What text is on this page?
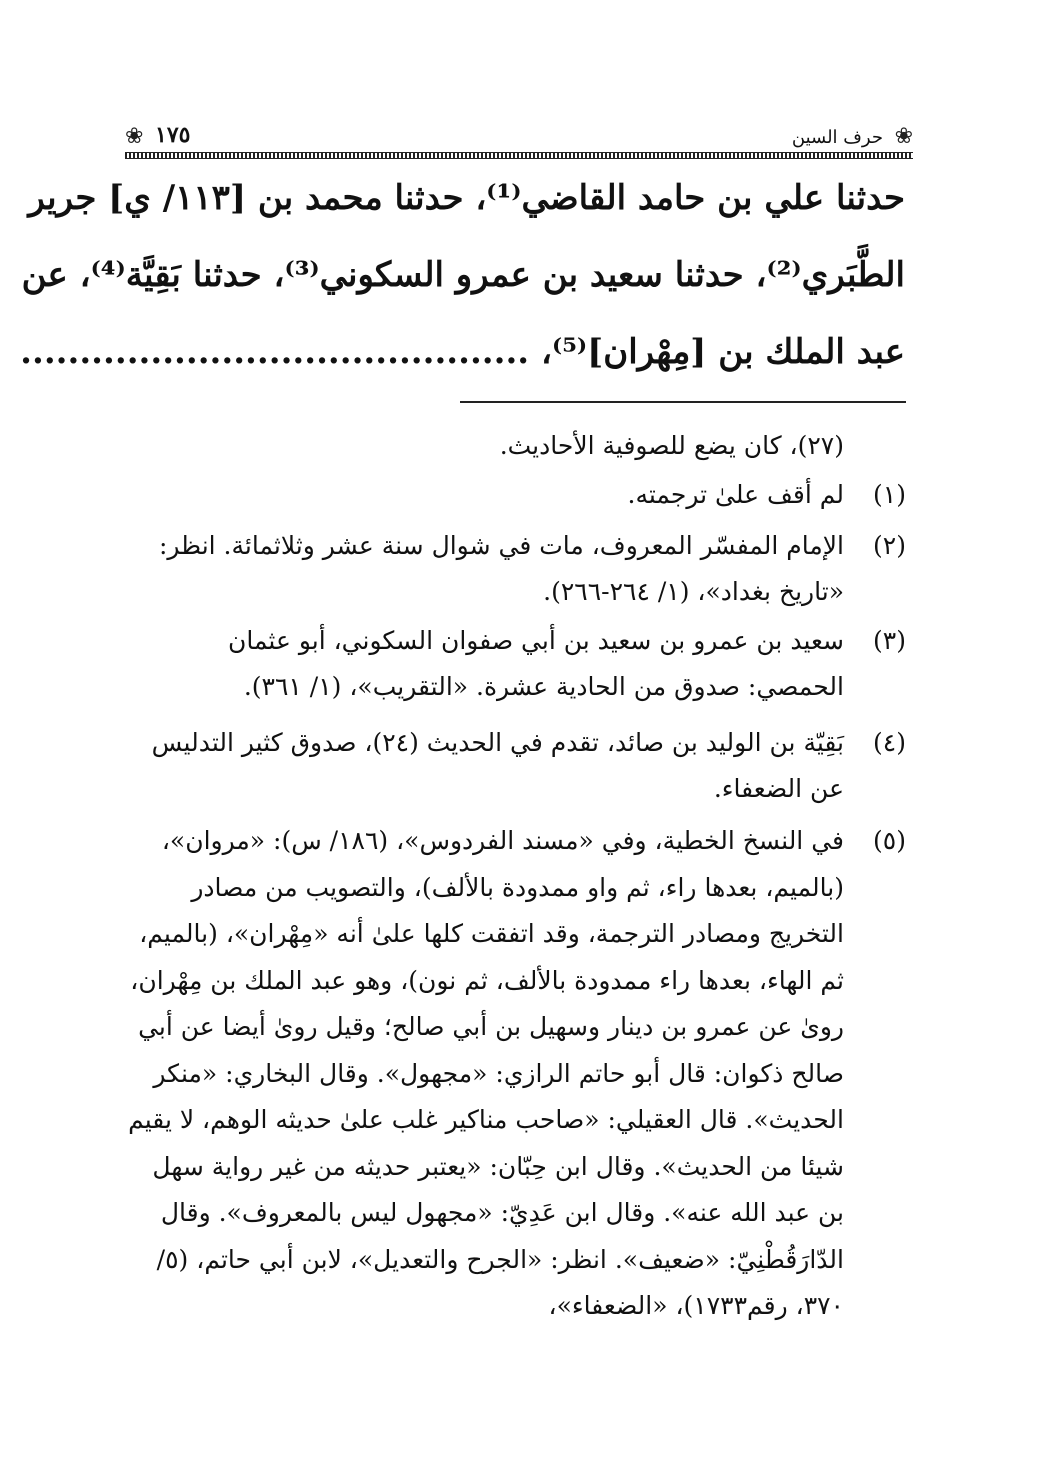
❀ ١٧٥	حرف السين ❀
حدثنا علي بن حامد القاضي⁽¹⁾، حدثنا محمد بن [١١٣/ ي] جرير
الطَّبَري⁽²⁾، حدثنا سعيد بن عمرو السكوني⁽³⁾، حدثنا بَقِيَّة⁽⁴⁾، عن
عبد الملك بن [مِهْران]⁽⁵⁾، ...........................................
(٢٧)، كان يضع للصوفية الأحاديث.
(١)
لم أقف علىٰ ترجمته.
(٢)
الإمام المفسّر المعروف، مات في شوال سنة عشر وثلاثمائة. انظر: «تاريخ بغداد»، (١/ ٢٦٤-٢٦٦).
(٣)
سعيد بن عمرو بن سعيد بن أبي صفوان السكوني، أبو عثمان الحمصي: صدوق من الحادية عشرة. «التقريب»، (١/ ٣٦١).
(٤)
بَقِيّة بن الوليد بن صائد، تقدم في الحديث (٢٤)، صدوق كثير التدليس عن الضعفاء.
(٥)
في النسخ الخطية، وفي «مسند الفردوس»، (١٨٦/ س): «مروان»، (بالميم، بعدها راء، ثم واو ممدودة بالألف)، والتصويب من مصادر التخريج ومصادر الترجمة، وقد اتفقت كلها علىٰ أنه «مِهْران»، (بالميم، ثم الهاء، بعدها راء ممدودة بالألف، ثم نون)، وهو عبد الملك بن مِهْران، روىٰ عن عمرو بن دينار وسهيل بن أبي صالح؛ وقيل روىٰ أيضا عن أبي صالح ذكوان: قال أبو حاتم الرازي: «مجهول». وقال البخاري: «منكر الحديث». قال العقيلي: «صاحب مناكير غلب علىٰ حديثه الوهم، لا يقيم شيئا من الحديث». وقال ابن حِبّان: «يعتبر حديثه من غير رواية سهل بن عبد الله عنه». وقال ابن عَدِيّ: «مجهول ليس بالمعروف». وقال الدّارَقُطْنِيّ: «ضعيف». انظر: «الجرح والتعديل»، لابن أبي حاتم، (٥/ ٣٧٠، رقم١٧٣٣)، «الضعفاء»،
